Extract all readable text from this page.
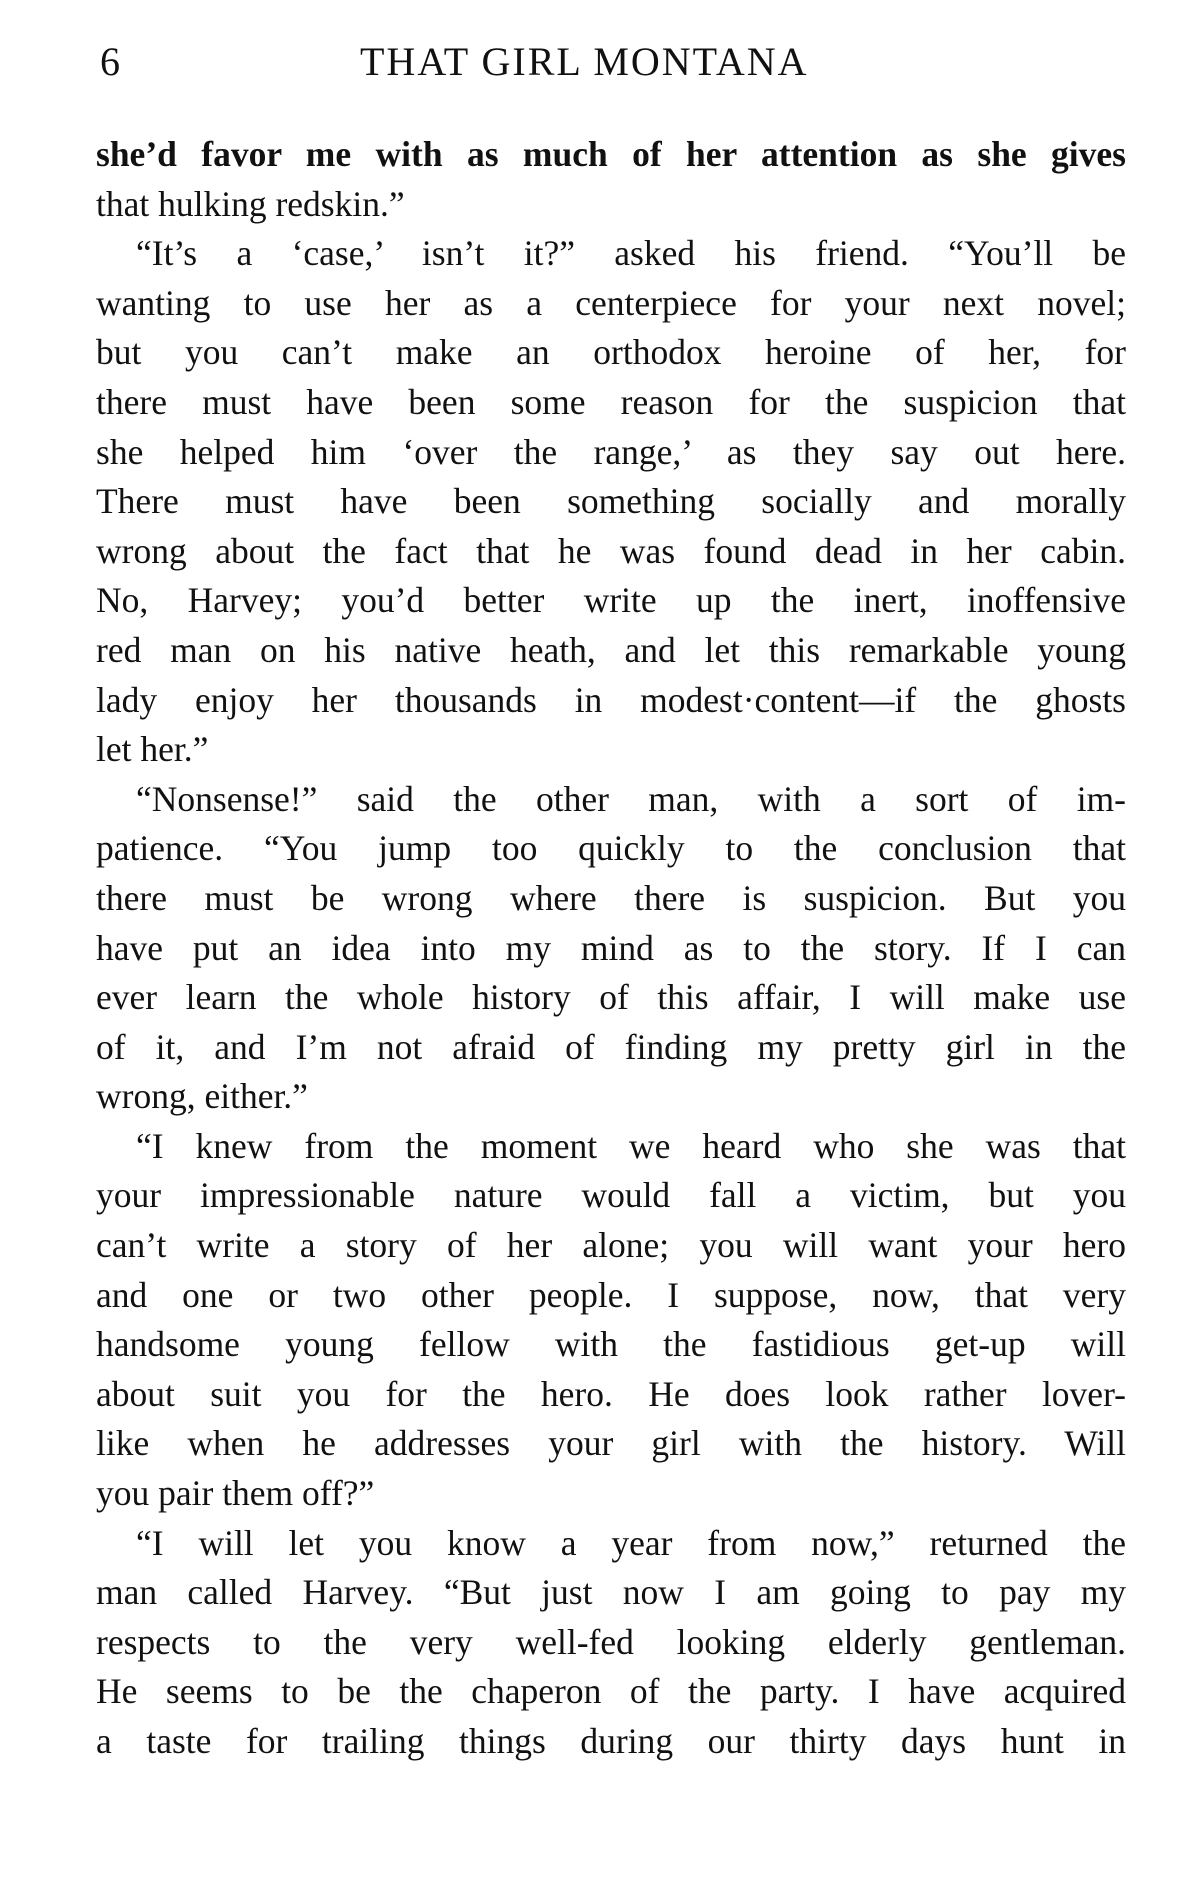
6	THAT GIRL MONTANA
she’d favor me with as much of her attention as she gives
that hulking redskin.”
“It’s a ‘case,’ isn’t it?” asked his friend. “You’ll be
wanting to use her as a centerpiece for your next novel;
but you can’t make an orthodox heroine of her, for
there must have been some reason for the suspicion that
she helped him ‘over the range,’ as they say out here.
There must have been something socially and morally
wrong about the fact that he was found dead in her cabin.
No, Harvey; you’d better write up the inert, inoffensive
red man on his native heath, and let this remarkable young
lady enjoy her thousands in modest·content—if the ghosts
let her.”
“Nonsense!” said the other man, with a sort of im-
patience. “You jump too quickly to the conclusion that
there must be wrong where there is suspicion. But you
have put an idea into my mind as to the story. If I can
ever learn the whole history of this affair, I will make use
of it, and I’m not afraid of finding my pretty girl in the
wrong, either.”
“I knew from the moment we heard who she was that
your impressionable nature would fall a victim, but you
can’t write a story of her alone; you will want your hero
and one or two other people. I suppose, now, that very
handsome young fellow with the fastidious get-up will
about suit you for the hero. He does look rather lover-
like when he addresses your girl with the history. Will
you pair them off?”
“I will let you know a year from now,” returned the
man called Harvey. “But just now I am going to pay my
respects to the very well-fed looking elderly gentleman.
He seems to be the chaperon of the party. I have acquired
a taste for trailing things during our thirty days hunt in
